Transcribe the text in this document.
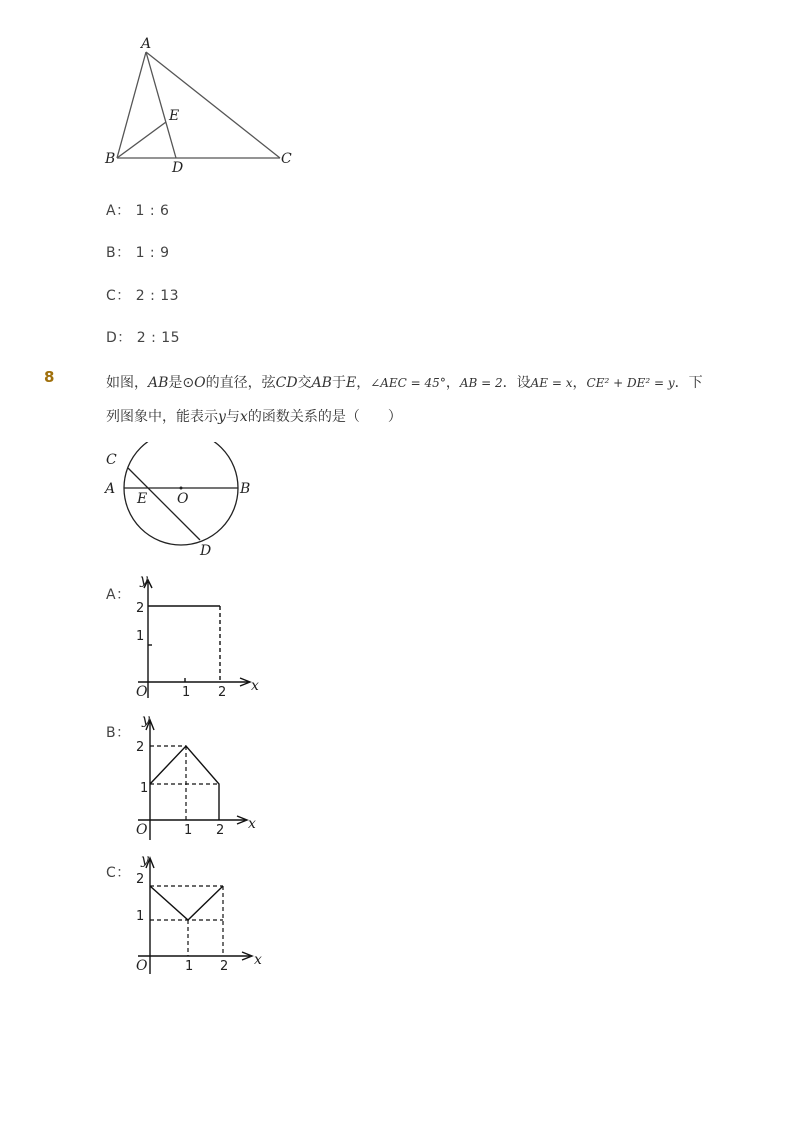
A
B	C
D
E
A： 1 : 6
B： 1 : 9
C： 2 : 13
D： 2 : 15
8	如图，AB是⊙O的直径，弦CD交AB于E，∠AEC = 45°，AB = 2．设AE = x，CE² + DE² = y．下
列图象中，能表示y与x的函数关系的是（　　）
C
A	B
E O
D
A：
y
x
O
2
1
1 2
B：
y
x
O
2
1
1 2
C：
y
x
O
2
1
1 2
